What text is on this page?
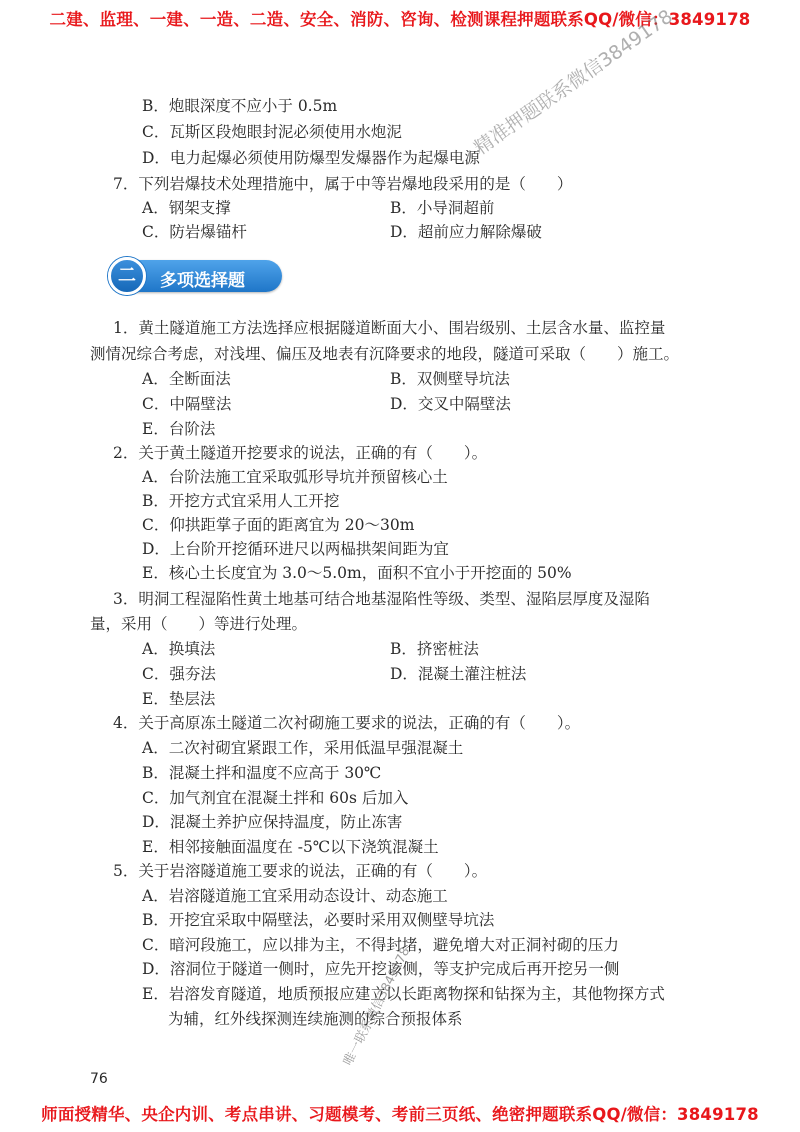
二建、监理、一建、一造、二造、安全、消防、咨询、检测课程押题联系QQ/微信：3849178
B．炮眼深度不应小于 0.5m
C．瓦斯区段炮眼封泥必须使用水炮泥
D．电力起爆必须使用防爆型发爆器作为起爆电源
7．下列岩爆技术处理措施中，属于中等岩爆地段采用的是（　　）
A．钢架支撑	B．小导洞超前
C．防岩爆锚杆	D．超前应力解除爆破
二	多项选择题
1．黄土隧道施工方法选择应根据隧道断面大小、围岩级别、土层含水量、监控量
测情况综合考虑，对浅埋、偏压及地表有沉降要求的地段，隧道可采取（　　）施工。
A．全断面法	B．双侧壁导坑法
C．中隔壁法	D．交叉中隔壁法
E．台阶法
2．关于黄土隧道开挖要求的说法，正确的有（　　）。
A．台阶法施工宜采取弧形导坑并预留核心土
B．开挖方式宜采用人工开挖
C．仰拱距掌子面的距离宜为 20～30m
D．上台阶开挖循环进尺以两榀拱架间距为宜
E．核心土长度宜为 3.0～5.0m，面积不宜小于开挖面的 50%
3．明洞工程湿陷性黄土地基可结合地基湿陷性等级、类型、湿陷层厚度及湿陷
量，采用（　　）等进行处理。
A．换填法	B．挤密桩法
C．强夯法	D．混凝土灌注桩法
E．垫层法
4．关于高原冻土隧道二次衬砌施工要求的说法，正确的有（　　）。
A．二次衬砌宜紧跟工作，采用低温早强混凝土
B．混凝土拌和温度不应高于 30℃
C．加气剂宜在混凝土拌和 60s 后加入
D．混凝土养护应保持温度，防止冻害
E．相邻接触面温度在 -5℃以下浇筑混凝土
5．关于岩溶隧道施工要求的说法，正确的有（　　）。
A．岩溶隧道施工宜采用动态设计、动态施工
B．开挖宜采取中隔壁法，必要时采用双侧壁导坑法
C．暗河段施工，应以排为主，不得封堵，避免增大对正洞衬砌的压力
D．溶洞位于隧道一侧时，应先开挖该侧，等支护完成后再开挖另一侧
E．岩溶发育隧道，地质预报应建立以长距离物探和钻探为主，其他物探方式
为辅，红外线探测连续施测的综合预报体系
精准押题联系微信3849178
唯一联系微信3849178
76
师面授精华、央企内训、考点串讲、习题模考、考前三页纸、绝密押题联系QQ/微信：3849178
